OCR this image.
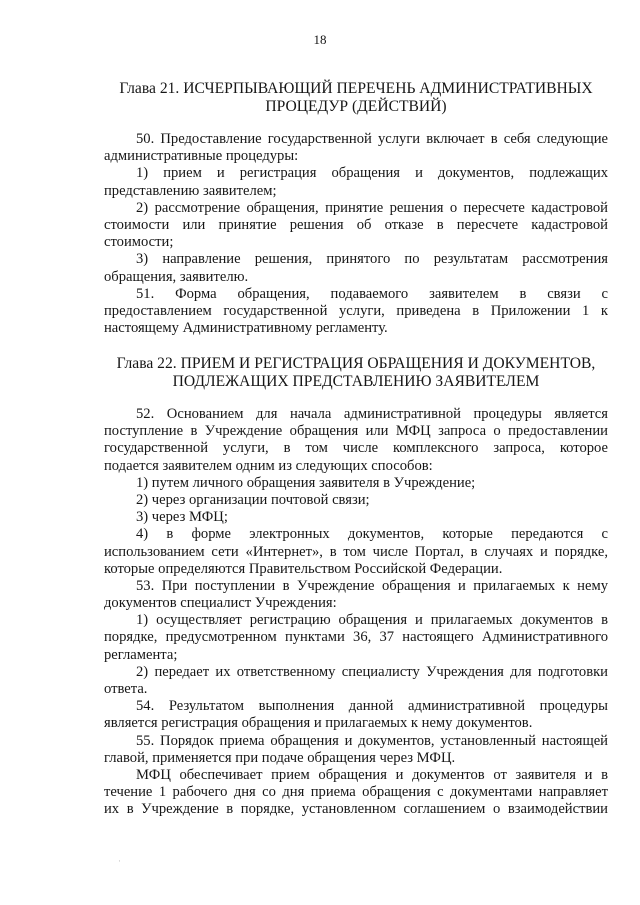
18
Глава 21. ИСЧЕРПЫВАЮЩИЙ ПЕРЕЧЕНЬ АДМИНИСТРАТИВНЫХ
ПРОЦЕДУР (ДЕЙСТВИЙ)
50. Предоставление государственной услуги включает в себя следующие
административные процедуры:
1) прием и регистрация обращения и документов, подлежащих
представлению заявителем;
2) рассмотрение обращения, принятие решения о пересчете кадастровой
стоимости или принятие решения об отказе в пересчете кадастровой
стоимости;
3) направление решения, принятого по результатам рассмотрения
обращения, заявителю.
51. Форма обращения, подаваемого заявителем в связи с
предоставлением государственной услуги, приведена в Приложении 1 к
настоящему Административному регламенту.
Глава 22. ПРИЕМ И РЕГИСТРАЦИЯ ОБРАЩЕНИЯ И ДОКУМЕНТОВ,
ПОДЛЕЖАЩИХ ПРЕДСТАВЛЕНИЮ ЗАЯВИТЕЛЕМ
52. Основанием для начала административной процедуры является
поступление в Учреждение обращения или МФЦ запроса о предоставлении
государственной услуги, в том числе комплексного запроса, которое
подается заявителем одним из следующих способов:
1) путем личного обращения заявителя в Учреждение;
2) через организации почтовой связи;
3) через МФЦ;
4) в форме электронных документов, которые передаются с
использованием сети «Интернет», в том числе Портал, в случаях и порядке,
которые определяются Правительством Российской Федерации.
53. При поступлении в Учреждение обращения и прилагаемых к нему
документов специалист Учреждения:
1) осуществляет регистрацию обращения и прилагаемых документов в
порядке, предусмотренном пунктами 36, 37 настоящего Административного
регламента;
2) передает их ответственному специалисту Учреждения для подготовки
ответа.
54. Результатом выполнения данной административной процедуры
является регистрация обращения и прилагаемых к нему документов.
55. Порядок приема обращения и документов, установленный настоящей
главой, применяется при подаче обращения через МФЦ.
МФЦ обеспечивает прием обращения и документов от заявителя и в
течение 1 рабочего дня со дня приема обращения с документами направляет
их в Учреждение в порядке, установленном соглашением о взаимодействии
·
